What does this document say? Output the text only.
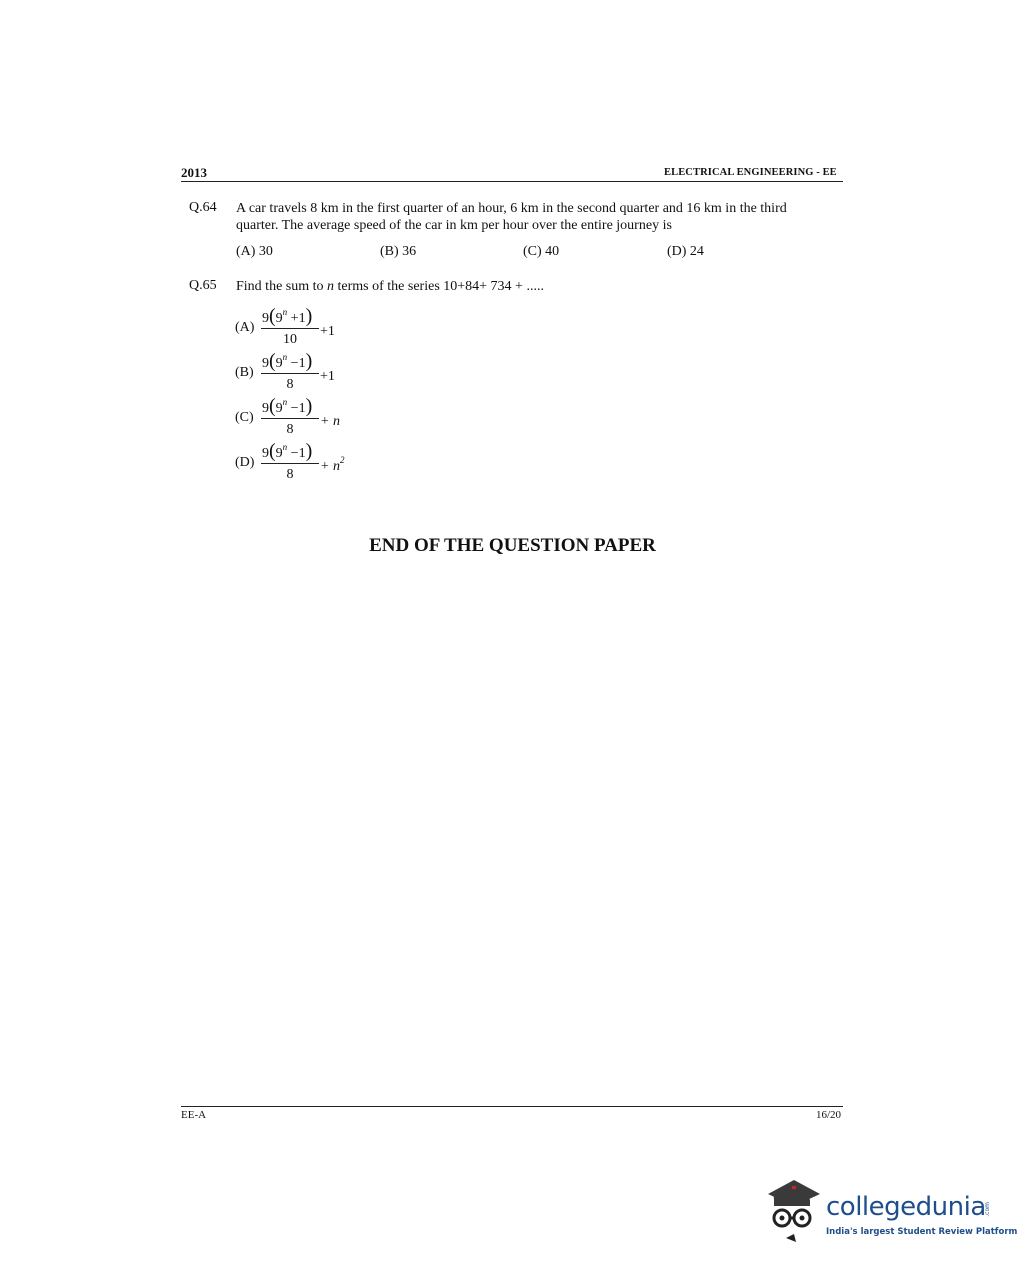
2013	ELECTRICAL ENGINEERING - EE
Q.64 A car travels 8 km in the first quarter of an hour, 6 km in the second quarter and 16 km in the third
quarter. The average speed of the car in km per hour over the entire journey is
(A) 30	(B) 36	(C) 40	(D) 24
Q.65 Find the sum to n terms of the series 10+84+ 734 + .....
(A)
$9(9^n +1)$
10
+1
(B)
$9(9^n -1)$
8
+1
(C)
$9(9^n -1)$
8
+ n
(D)
$9(9^n -1)$
8
+ $n^2$
END OF THE QUESTION PAPER
EE-A	16/20
collegedunia
.com
India's largest Student Review Platform
